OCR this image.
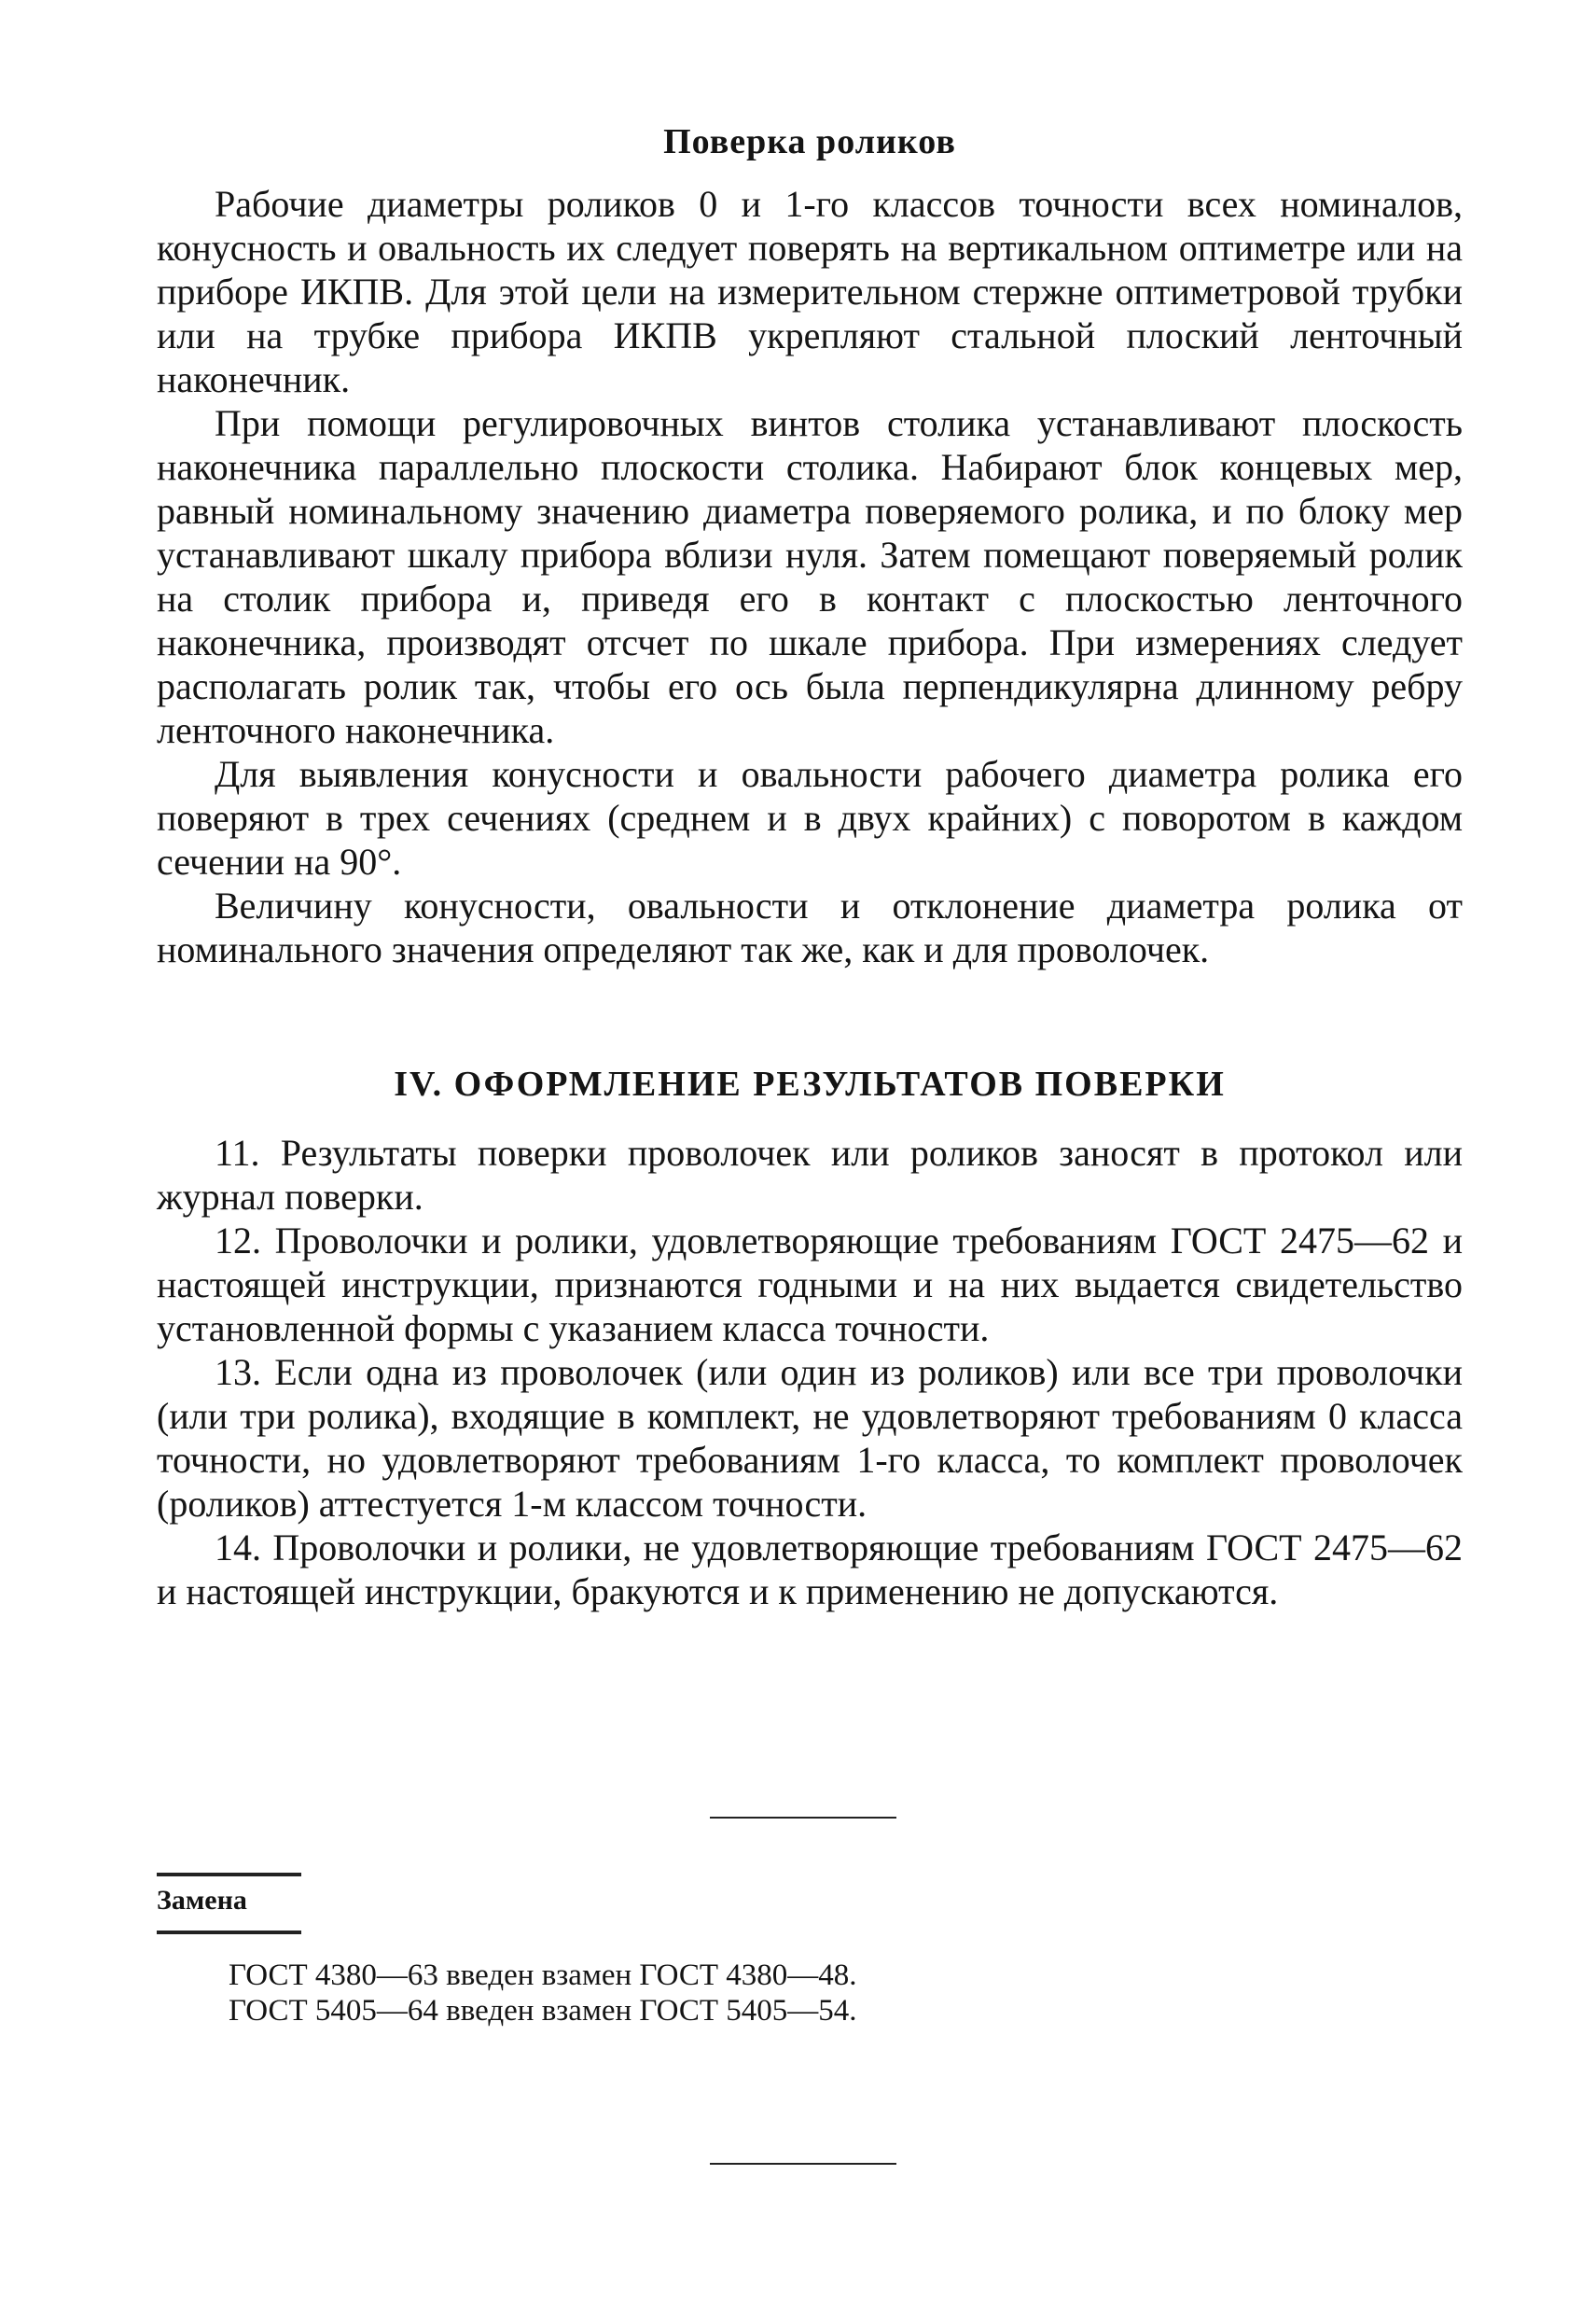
Поверка роликов

Рабочие диаметры роликов 0 и 1-го классов точности всех номиналов, конусность и овальность их следует поверять на вертикальном оптиметре или на приборе ИКПВ. Для этой цели на измерительном стержне оптиметровой трубки или на трубке прибора ИКПВ укрепляют стальной плоский ленточный наконечник.

При помощи регулировочных винтов столика устанавливают плоскость наконечника параллельно плоскости столика. Набирают блок концевых мер, равный номинальному значению диаметра поверяемого ролика, и по блоку мер устанавливают шкалу прибора вблизи нуля. Затем помещают поверяемый ролик на столик прибора и, приведя его в контакт с плоскостью ленточного наконечника, производят отсчет по шкале прибора. При измерениях следует располагать ролик так, чтобы его ось была перпендикулярна длинному ребру ленточного наконечника.

Для выявления конусности и овальности рабочего диаметра ролика его поверяют в трех сечениях (среднем и в двух крайних) с поворотом в каждом сечении на 90°.

Величину конусности, овальности и отклонение диаметра ролика от номинального значения определяют так же, как и для проволочек.

IV. ОФОРМЛЕНИЕ РЕЗУЛЬТАТОВ ПОВЕРКИ

11. Результаты поверки проволочек или роликов заносят в протокол или журнал поверки.

12. Проволочки и ролики, удовлетворяющие требованиям ГОСТ 2475—62 и настоящей инструкции, признаются годными и на них выдается свидетельство установленной формы с указанием класса точности.

13. Если одна из проволочек (или один из роликов) или все три проволочки (или три ролика), входящие в комплект, не удовлетворяют требованиям 0 класса точности, но удовлетворяют требованиям 1-го класса, то комплект проволочек (роликов) аттестуется 1-м классом точности.

14. Проволочки и ролики, не удовлетворяющие требованиям ГОСТ 2475—62 и настоящей инструкции, бракуются и к применению не допускаются.

Замена

ГОСТ 4380—63 введен взамен ГОСТ 4380—48.
ГОСТ 5405—64 введен взамен ГОСТ 5405—54.
